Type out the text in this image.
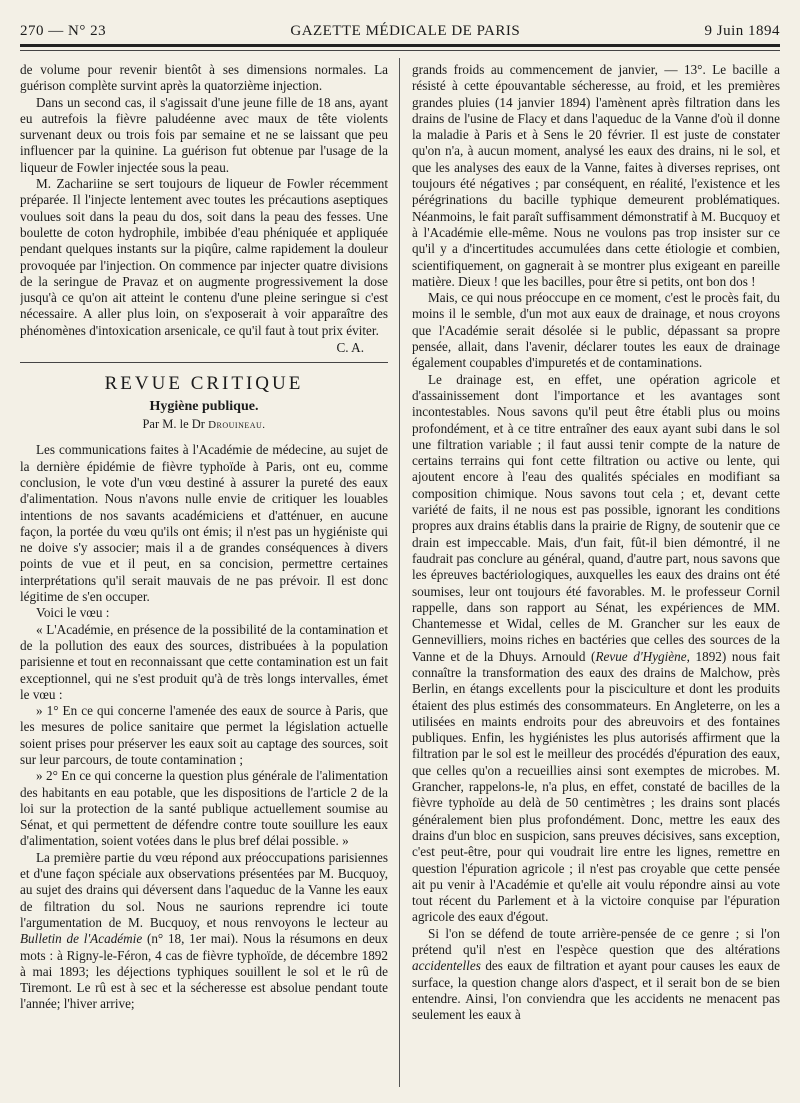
270 — N° 23	GAZETTE MÉDICALE DE PARIS	9 Juin 1894

de volume pour revenir bientôt à ses dimensions normales. La guérison complète survint après la quatorzième injection.

Dans un second cas, il s'agissait d'une jeune fille de 18 ans, ayant eu autrefois la fièvre paludéenne avec maux de tête violents survenant deux ou trois fois par semaine et ne se laissant que peu influencer par la quinine. La guérison fut obtenue par l'usage de la liqueur de Fowler injectée sous la peau.

M. Zachariine se sert toujours de liqueur de Fowler récemment préparée. Il l'injecte lentement avec toutes les précautions aseptiques voulues soit dans la peau du dos, soit dans la peau des fesses. Une boulette de coton hydrophile, imbibée d'eau phéniquée et appliquée pendant quelques instants sur la piqûre, calme rapidement la douleur provoquée par l'injection. On commence par injecter quatre divisions de la seringue de Pravaz et on augmente progressivement la dose jusqu'à ce qu'on ait atteint le contenu d'une pleine seringue si c'est nécessaire. A aller plus loin, on s'exposerait à voir apparaître des phénomènes d'intoxication arsenicale, ce qu'il faut à tout prix éviter.

C. A.
REVUE CRITIQUE
Hygiène publique.
Par M. le Dr Drouineau.

Les communications faites à l'Académie de médecine, au sujet de la dernière épidémie de fièvre typhoïde à Paris, ont eu, comme conclusion, le vote d'un vœu destiné à assurer la pureté des eaux d'alimentation. Nous n'avons nulle envie de critiquer les louables intentions de nos savants académiciens et d'atténuer, en aucune façon, la portée du vœu qu'ils ont émis; il n'est pas un hygiéniste qui ne doive s'y associer; mais il a de grandes conséquences à divers points de vue et il peut, en sa concision, permettre certaines interprétations qu'il serait mauvais de ne pas prévoir. Il est donc légitime de s'en occuper.

Voici le vœu :

« L'Académie, en présence de la possibilité de la contamination et de la pollution des eaux des sources, distribuées à la population parisienne et tout en reconnaissant que cette contamination est un fait exceptionnel, qui ne s'est produit qu'à de très longs intervalles, émet le vœu :

» 1° En ce qui concerne l'amenée des eaux de source à Paris, que les mesures de police sanitaire que permet la législation actuelle soient prises pour préserver les eaux soit au captage des sources, soit sur leur parcours, de toute contamination ;

» 2° En ce qui concerne la question plus générale de l'alimentation des habitants en eau potable, que les dispositions de l'article 2 de la loi sur la protection de la santé publique actuellement soumise au Sénat, et qui permettent de défendre contre toute souillure les eaux d'alimentation, soient votées dans le plus bref délai possible. »

La première partie du vœu répond aux préoccupations parisiennes et d'une façon spéciale aux observations présentées par M. Bucquoy, au sujet des drains qui déversent dans l'aqueduc de la Vanne les eaux de filtration du sol. Nous ne saurions reprendre ici toute l'argumentation de M. Bucquoy, et nous renvoyons le lecteur au Bulletin de l'Académie (n° 18, 1er mai). Nous la résumons en deux mots : à Rigny-le-Féron, 4 cas de fièvre typhoïde, de décembre 1892 à mai 1893; les déjections typhiques souillent le sol et le rû de Tiremont. Le rû est à sec et la sécheresse est absolue pendant toute l'année; l'hiver arrive;

grands froids au commencement de janvier, — 13°. Le bacille a résisté à cette épouvantable sécheresse, au froid, et les premières grandes pluies (14 janvier 1894) l'amènent après filtration dans les drains de l'usine de Flacy et dans l'aqueduc de la Vanne d'où il donne la maladie à Paris et à Sens le 20 février. Il est juste de constater qu'on n'a, à aucun moment, analysé les eaux des drains, ni le sol, et que les analyses des eaux de la Vanne, faites à diverses reprises, ont toujours été négatives ; par conséquent, en réalité, l'existence et les pérégrinations du bacille typhique demeurent problématiques. Néanmoins, le fait paraît suffisamment démonstratif à M. Bucquoy et à l'Académie elle-même. Nous ne voulons pas trop insister sur ce qu'il y a d'incertitudes accumulées dans cette étiologie et combien, scientifiquement, on gagnerait à se montrer plus exigeant en pareille matière. Dieux ! que les bacilles, pour être si petits, ont bon dos !

Mais, ce qui nous préoccupe en ce moment, c'est le procès fait, du moins il le semble, d'un mot aux eaux de drainage, et nous croyons que l'Académie serait désolée si le public, dépassant sa propre pensée, allait, dans l'avenir, déclarer toutes les eaux de drainage également coupables d'impuretés et de contaminations.

Le drainage est, en effet, une opération agricole et d'assainissement dont l'importance et les avantages sont incontestables. Nous savons qu'il peut être établi plus ou moins profondément, et à ce titre entraîner des eaux ayant subi dans le sol une filtration variable ; il faut aussi tenir compte de la nature de certains terrains qui font cette filtration ou active ou lente, qui ajoutent encore à l'eau des qualités spéciales en modifiant sa composition chimique. Nous savons tout cela ; et, devant cette variété de faits, il ne nous est pas possible, ignorant les conditions propres aux drains établis dans la prairie de Rigny, de soutenir que ce drain est impeccable. Mais, d'un fait, fût-il bien démontré, il ne faudrait pas conclure au général, quand, d'autre part, nous savons que les épreuves bactériologiques, auxquelles les eaux des drains ont été soumises, leur ont toujours été favorables. M. le professeur Cornil rappelle, dans son rapport au Sénat, les expériences de MM. Chantemesse et Widal, celles de M. Grancher sur les eaux de Gennevilliers, moins riches en bactéries que celles des sources de la Vanne et de la Dhuys. Arnould (Revue d'Hygiène, 1892) nous fait connaître la transformation des eaux des drains de Malchow, près Berlin, en étangs excellents pour la pisciculture et dont les produits étaient des plus estimés des consommateurs. En Angleterre, on les a utilisées en maints endroits pour des abreuvoirs et des fontaines publiques. Enfin, les hygiénistes les plus autorisés affirment que la filtration par le sol est le meilleur des procédés d'épuration des eaux, que celles qu'on a recueillies ainsi sont exemptes de microbes. M. Grancher, rappelons-le, n'a plus, en effet, constaté de bacilles de la fièvre typhoïde au delà de 50 centimètres ; les drains sont placés généralement bien plus profondément. Donc, mettre les eaux des drains d'un bloc en suspicion, sans preuves décisives, sans exception, c'est peut-être, pour qui voudrait lire entre les lignes, remettre en question l'épuration agricole ; il n'est pas croyable que cette pensée ait pu venir à l'Académie et qu'elle ait voulu répondre ainsi au vote tout récent du Parlement et à la victoire conquise par l'épuration agricole des eaux d'égout.

Si l'on se défend de toute arrière-pensée de ce genre ; si l'on prétend qu'il n'est en l'espèce question que des altérations accidentelles des eaux de filtration et ayant pour causes les eaux de surface, la question change alors d'aspect, et il serait bon de se bien entendre. Ainsi, l'on conviendra que les accidents ne menacent pas seulement les eaux à
